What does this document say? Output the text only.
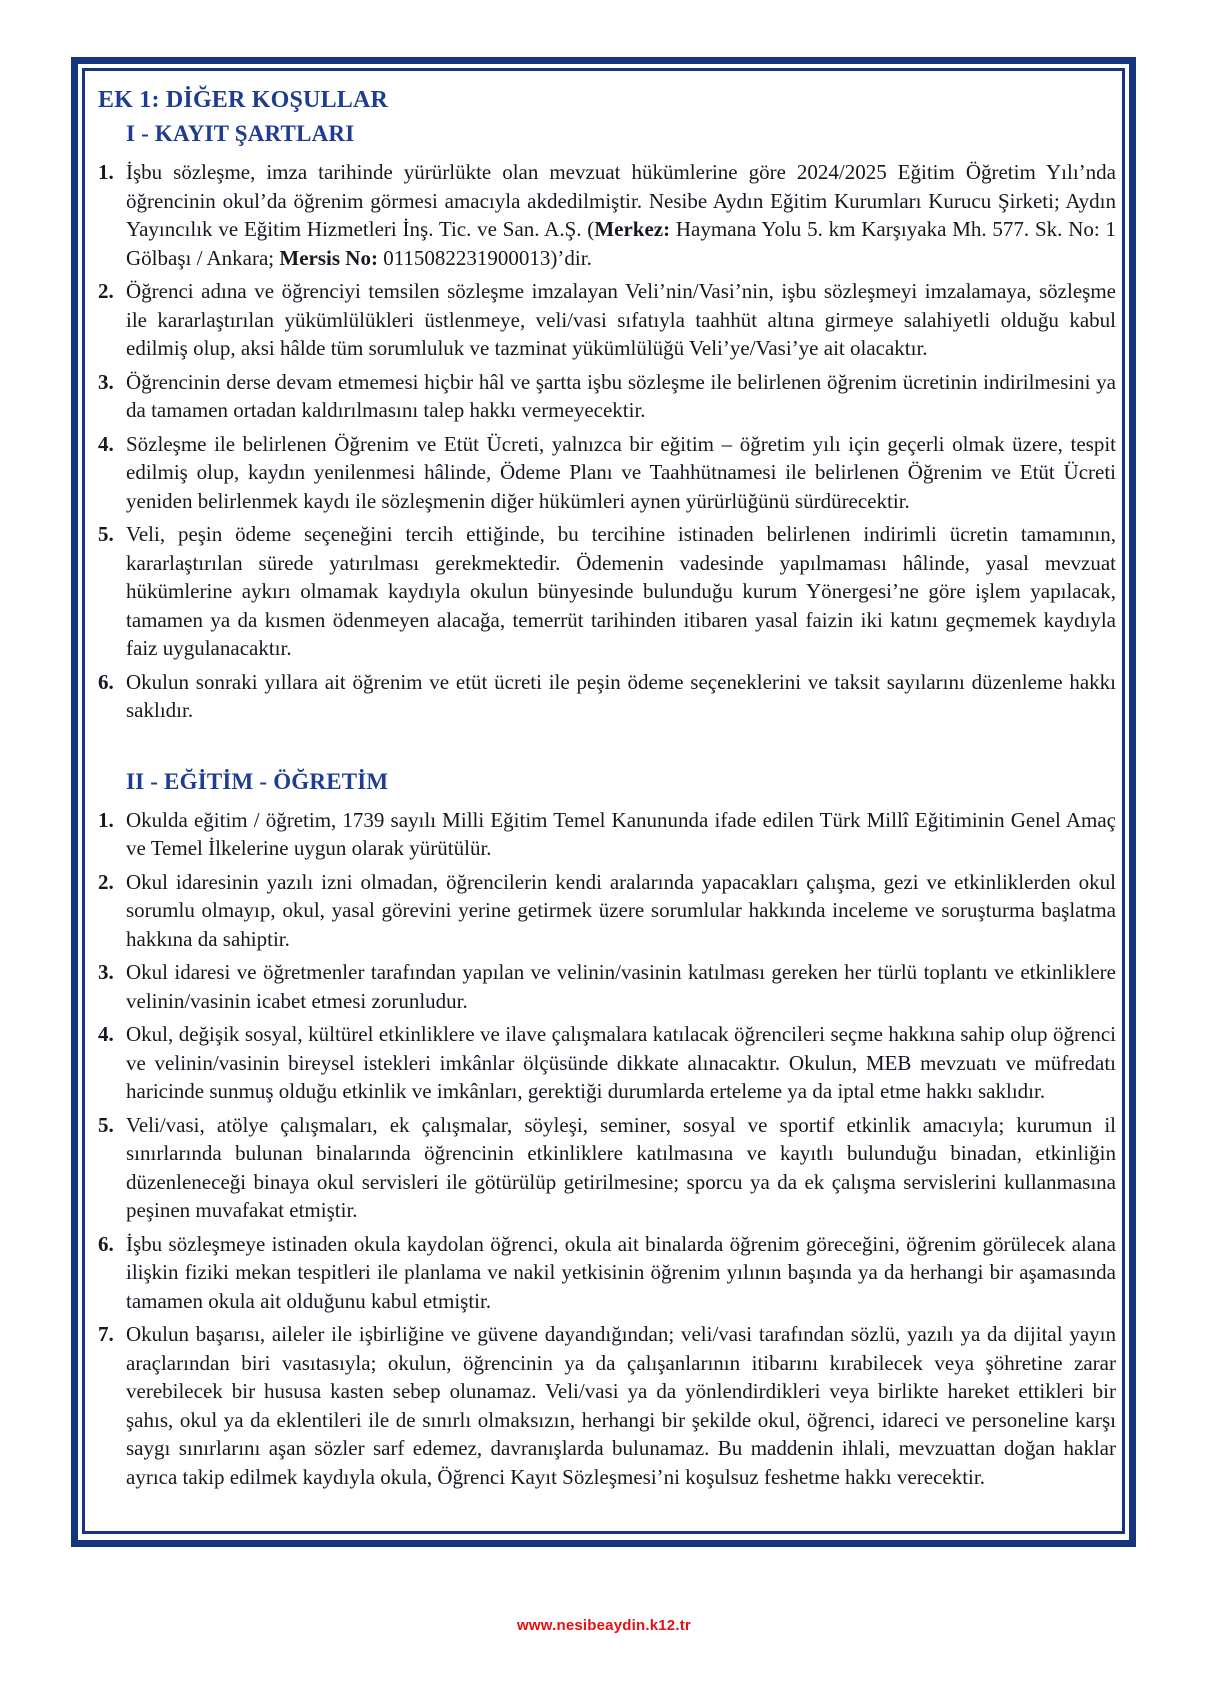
EK 1: DİĞER KOŞULLAR
I - KAYIT ŞARTLARI
1. İşbu sözleşme, imza tarihinde yürürlükte olan mevzuat hükümlerine göre 2024/2025 Eğitim Öğretim Yılı’nda öğrencinin okul’da öğrenim görmesi amacıyla akdedilmiştir. Nesibe Aydın Eğitim Kurumları Kurucu Şirketi; Aydın Yayıncılık ve Eğitim Hizmetleri İnş. Tic. ve San. A.Ş. (Merkez: Haymana Yolu 5. km Karşıyaka Mh. 577. Sk. No: 1 Gölbaşı / Ankara; Mersis No: 0115082231900013)’dir.

2. Öğrenci adına ve öğrenciyi temsilen sözleşme imzalayan Veli’nin/Vasi’nin, işbu sözleşmeyi imzalamaya, sözleşme ile kararlaştırılan yükümlülükleri üstlenmeye, veli/vasi sıfatıyla taahhüt altına girmeye salahiyetli olduğu kabul edilmiş olup, aksi hâlde tüm sorumluluk ve tazminat yükümlülüğü Veli’ye/Vasi’ye ait olacaktır.

3. Öğrencinin derse devam etmemesi hiçbir hâl ve şartta işbu sözleşme ile belirlenen öğrenim ücretinin indirilmesini ya da tamamen ortadan kaldırılmasını talep hakkı vermeyecektir.

4. Sözleşme ile belirlenen Öğrenim ve Etüt Ücreti, yalnızca bir eğitim – öğretim yılı için geçerli olmak üzere, tespit edilmiş olup, kaydın yenilenmesi hâlinde, Ödeme Planı ve Taahhütnamesi ile belirlenen Öğrenim ve Etüt Ücreti yeniden belirlenmek kaydı ile sözleşmenin diğer hükümleri aynen yürürlüğünü sürdürecektir.

5. Veli, peşin ödeme seçeneğini tercih ettiğinde, bu tercihine istinaden belirlenen indirimli ücretin tamamının, kararlaştırılan sürede yatırılması gerekmektedir. Ödemenin vadesinde yapılmaması hâlinde, yasal mevzuat hükümlerine aykırı olmamak kaydıyla okulun bünyesinde bulunduğu kurum Yönergesi’ne göre işlem yapılacak, tamamen ya da kısmen ödenmeyen alacağa, temerrüt tarihinden itibaren yasal faizin iki katını geçmemek kaydıyla faiz uygulanacaktır.

6. Okulun sonraki yıllara ait öğrenim ve etüt ücreti ile peşin ödeme seçeneklerini ve taksit sayılarını düzenleme hakkı saklıdır.

II - EĞİTİM - ÖĞRETİM
1. Okulda eğitim / öğretim, 1739 sayılı Milli Eğitim Temel Kanununda ifade edilen Türk Millî Eğitiminin Genel Amaç ve Temel İlkelerine uygun olarak yürütülür.

2. Okul idaresinin yazılı izni olmadan, öğrencilerin kendi aralarında yapacakları çalışma, gezi ve etkinliklerden okul sorumlu olmayıp, okul, yasal görevini yerine getirmek üzere sorumlular hakkında inceleme ve soruşturma başlatma hakkına da sahiptir.

3. Okul idaresi ve öğretmenler tarafından yapılan ve velinin/vasinin katılması gereken her türlü toplantı ve etkinliklere velinin/vasinin icabet etmesi zorunludur.

4. Okul, değişik sosyal, kültürel etkinliklere ve ilave çalışmalara katılacak öğrencileri seçme hakkına sahip olup öğrenci ve velinin/vasinin bireysel istekleri imkânlar ölçüsünde dikkate alınacaktır. Okulun, MEB mevzuatı ve müfredatı haricinde sunmuş olduğu etkinlik ve imkânları, gerektiği durumlarda erteleme ya da iptal etme hakkı saklıdır.

5. Veli/vasi, atölye çalışmaları, ek çalışmalar, söyleşi, seminer, sosyal ve sportif etkinlik amacıyla; kurumun il sınırlarında bulunan binalarında öğrencinin etkinliklere katılmasına ve kayıtlı bulunduğu binadan, etkinliğin düzenleneceği binaya okul servisleri ile götürülüp getirilmesine; sporcu ya da ek çalışma servislerini kullanmasına peşinen muvafakat etmiştir.

6. İşbu sözleşmeye istinaden okula kaydolan öğrenci, okula ait binalarda öğrenim göreceğini, öğrenim görülecek alana ilişkin fiziki mekan tespitleri ile planlama ve nakil yetkisinin öğrenim yılının başında ya da herhangi bir aşamasında tamamen okula ait olduğunu kabul etmiştir.

7. Okulun başarısı, aileler ile işbirliğine ve güvene dayandığından; veli/vasi tarafından sözlü, yazılı ya da dijital yayın araçlarından biri vasıtasıyla; okulun, öğrencinin ya da çalışanlarının itibarını kırabilecek veya şöhretine zarar verebilecek bir hususa kasten sebep olunamaz. Veli/vasi ya da yönlendirdikleri veya birlikte hareket ettikleri bir şahıs, okul ya da eklentileri ile de sınırlı olmaksızın, herhangi bir şekilde okul, öğrenci, idareci ve personeline karşı saygı sınırlarını aşan sözler sarf edemez, davranışlarda bulunamaz. Bu maddenin ihlali, mevzuattan doğan haklar ayrıca takip edilmek kaydıyla okula, Öğrenci Kayıt Sözleşmesi’ni koşulsuz feshetme hakkı verecektir.

www.nesibeaydin.k12.tr
